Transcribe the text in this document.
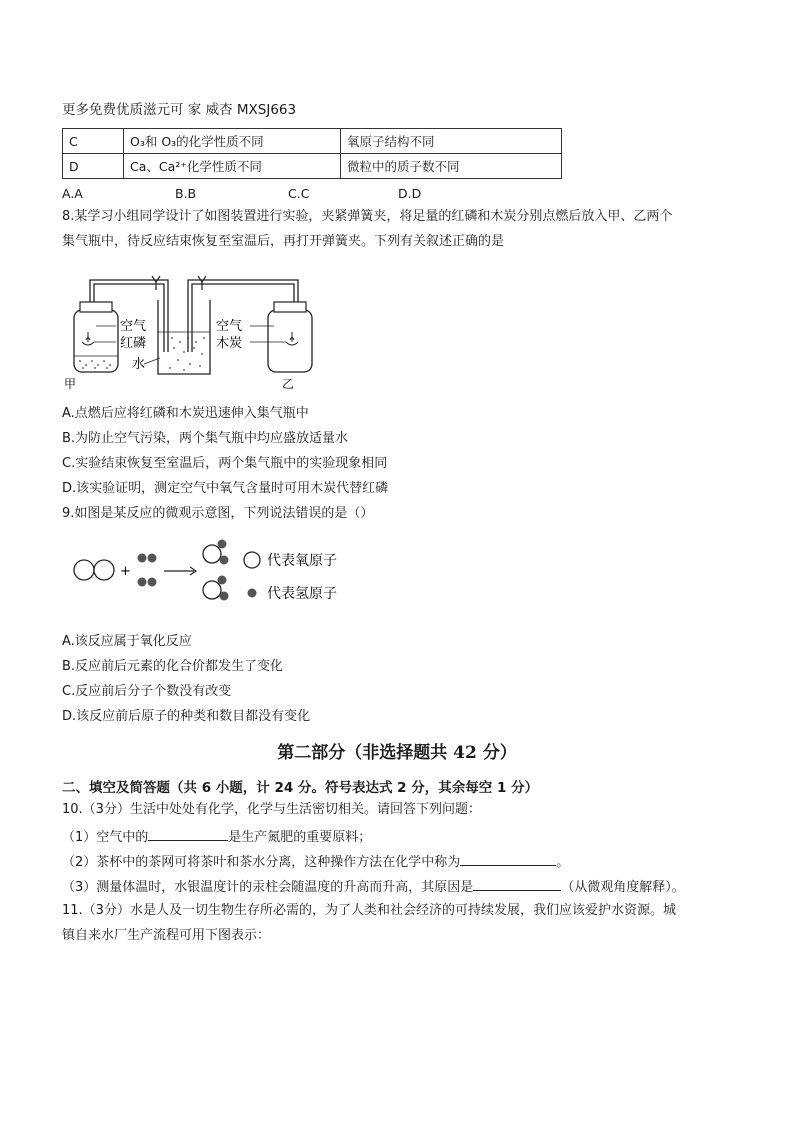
更多免费优质滋元可 家 威杏 MXSJ663
C	O₃和 O₃的化学性质不同	氧原子结构不同
D	Ca、Ca²⁺化学性质不同	微粒中的质子数不同
A.A	B.B	C.C	D.D
8.某学习小组同学设计了如图装置进行实验，夹紧弹簧夹，将足量的红磷和木炭分别点燃后放入甲、乙两个
集气瓶中，待反应结束恢复至室温后，再打开弹簧夹。下列有关叙述正确的是
空气
红磷
水
甲
空气
木炭
乙
A.点燃后应将红磷和木炭迅速伸入集气瓶中
B.为防止空气污染，两个集气瓶中均应盛放适量水
C.实验结束恢复至室温后，两个集气瓶中的实验现象相同
D.该实验证明，测定空气中氧气含量时可用木炭代替红磷
9.如图是某反应的微观示意图，下列说法错误的是（）
+
代表氧原子
代表氢原子
A.该反应属于氧化反应
B.反应前后元素的化合价都发生了变化
C.反应前后分子个数没有改变
D.该反应前后原子的种类和数目都没有变化
第二部分（非选择题共 42 分）
二、填空及简答题（共 6 小题，计 24 分。符号表达式 2 分，其余每空 1 分）
10.（3分）生活中处处有化学，化学与生活密切相关。请回答下列问题：
（1）空气中的	是生产氮肥的重要原料；
（2）茶杯中的茶网可将茶叶和茶水分离，这种操作方法在化学中称为	。
（3）测量体温时，水银温度计的汞柱会随温度的升高而升高，其原因是	（从微观角度解释）。
11.（3分）水是人及一切生物生存所必需的，为了人类和社会经济的可持续发展，我们应该爱护水资源。城
镇自来水厂生产流程可用下图表示：
